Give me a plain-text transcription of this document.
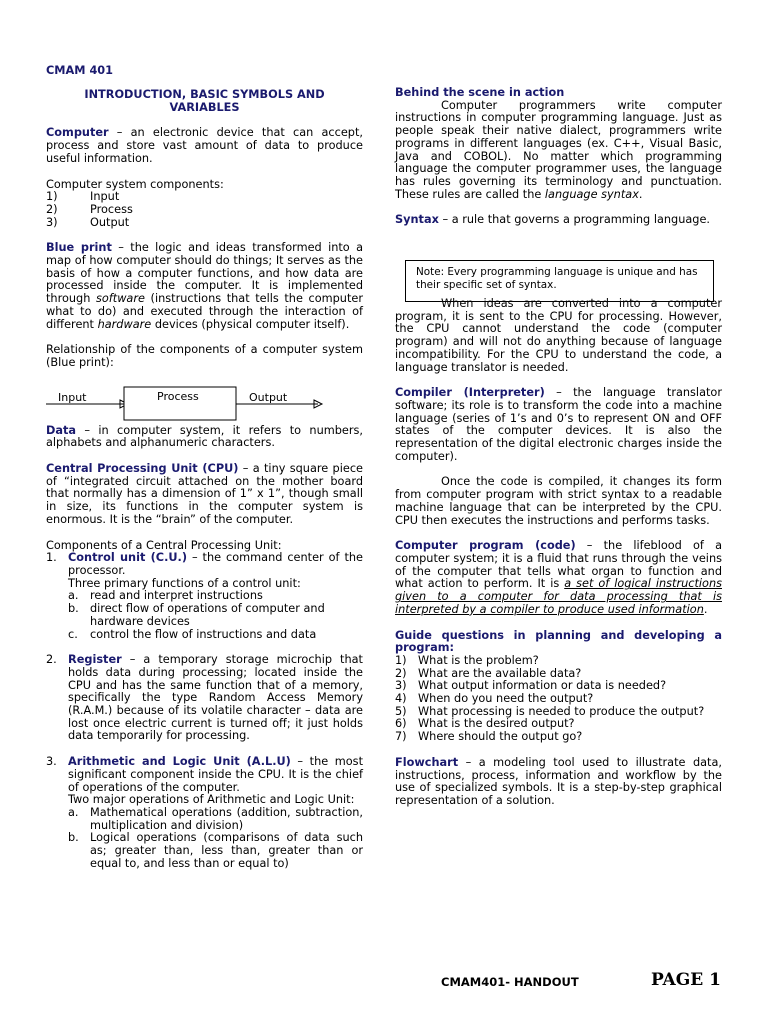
CMAM 401
INTRODUCTION, BASIC SYMBOLS AND VARIABLES

Computer – an electronic device that can accept, process and store vast amount of data to produce useful information.

Computer system components:
1)	Input
2)	Process
3)	Output

Blue print – the logic and ideas transformed into a map of how computer should do things; It serves as the basis of how a computer functions, and how data are processed inside the computer. It is implemented through software (instructions that tells the computer what to do) and executed through the interaction of different hardware devices (physical computer itself).

Relationship of the components of a computer system (Blue print):

Data – in computer system, it refers to numbers, alphabets and alphanumeric characters.

Central Processing Unit (CPU) – a tiny square piece of “integrated circuit attached on the mother board that normally has a dimension of 1” x 1”, though small in size, its functions in the computer system is enormous. It is the “brain” of the computer.

Components of a Central Processing Unit:
1. Control unit (C.U.) – the command center of the processor.
Three primary functions of a control unit:
a.	read and interpret instructions
b. direct flow of operations of computer and hardware devices
c.	control the flow of instructions and data
2. Register – a temporary storage microchip that holds data during processing; located inside the CPU and has the same function that of a memory, specifically the type Random Access Memory (R.A.M.) because of its volatile character – data are lost once electric current is turned off; it just holds data temporarily for processing.
3. Arithmetic and Logic Unit (A.L.U) – the most significant component inside the CPU. It is the chief of operations of the computer.
Two major operations of Arithmetic and Logic Unit:
a.	Mathematical operations (addition, subtraction, multiplication and division)
b. Logical operations (comparisons of data such as; greater than, less than, greater than or equal to, and less than or equal to)
Input	Process	Output
Behind the scene in action

Computer programmers write computer instructions in computer programming language. Just as people speak their native dialect, programmers write programs in different languages (ex. C++, Visual Basic, Java and COBOL). No matter which programming language the computer programmer uses, the language has rules governing its terminology and punctuation. These rules are called the language syntax.

Syntax – a rule that governs a programming language.

When ideas are converted into a computer program, it is sent to the CPU for processing. However, the CPU cannot understand the code (computer program) and will not do anything because of language incompatibility. For the CPU to understand the code, a language translator is needed.

Compiler (Interpreter) – the language translator software; its role is to transform the code into a machine language (series of 1’s and 0’s to represent ON and OFF states of the computer devices. It is also the representation of the digital electronic charges inside the computer).

Once the code is compiled, it changes its form from computer program with strict syntax to a readable machine language that can be interpreted by the CPU. CPU then executes the instructions and performs tasks.

Computer program (code) – the lifeblood of a computer system; it is a fluid that runs through the veins of the computer that tells what organ to function and what action to perform. It is a set of logical instructions given to a computer for data processing that is interpreted by a compiler to produce used information.

Guide questions in planning and developing a program:
1)	What is the problem?
2)	What are the available data?
3)	What output information or data is needed?
4)	When do you need the output?
5)	What processing is needed to produce the output?
6)	What is the desired output?
7)	Where should the output go?

Flowchart – a modeling tool used to illustrate data, instructions, process, information and workflow by the use of specialized symbols. It is a step-by-step graphical representation of a solution.

Note: Every programming language is unique and has their specific set of syntax.
CMAM401- HANDOUT	PAGE 1
